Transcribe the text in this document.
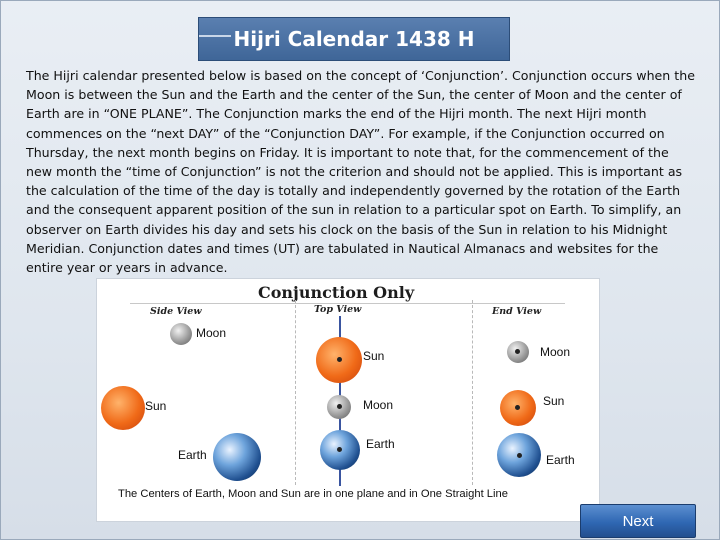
Hijri Calendar 1438 H

The Hijri calendar presented below is based on the concept of ‘Conjunction’. Conjunction occurs when the Moon is between the Sun and the Earth and the center of the Sun, the center of Moon and the center of Earth are in “ONE PLANE”. The Conjunction marks the end of the Hijri month. The next Hijri month commences on the “next DAY” of the “Conjunction DAY”. For example, if the Conjunction occurred on Thursday, the next month begins on Friday. It is important to note that, for the commencement of the new month the “time of Conjunction” is not the criterion and should not be applied. This is important as the calculation of the time of the day is totally and independently governed by the rotation of the Earth and the consequent apparent position of the sun in relation to a particular spot on Earth. To simplify, an observer on Earth divides his day and sets his clock on the basis of the Sun in relation to his Midnight Meridian. Conjunction dates and times (UT) are tabulated in Nautical Almanacs and websites for the entire year or years in advance.

Conjunction Only
Side View	Top View	End View
Moon
Sun
Earth
Sun
Moon
Earth
Moon
Sun
Earth
The Centers of Earth, Moon and Sun are in one plane and in One Straight Line
Next
